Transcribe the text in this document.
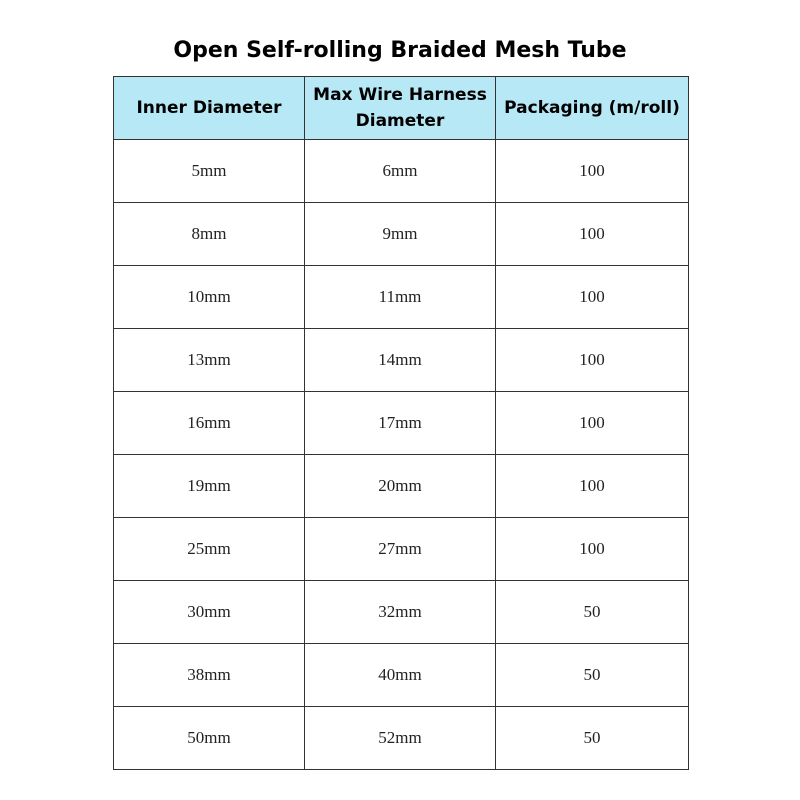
Open Self-rolling Braided Mesh Tube
Inner Diameter	Max Wire Harness Diameter	Packaging (m/roll)
5mm	6mm	100
8mm	9mm	100
10mm	11mm	100
13mm	14mm	100
16mm	17mm	100
19mm	20mm	100
25mm	27mm	100
30mm	32mm	50
38mm	40mm	50
50mm	52mm	50
